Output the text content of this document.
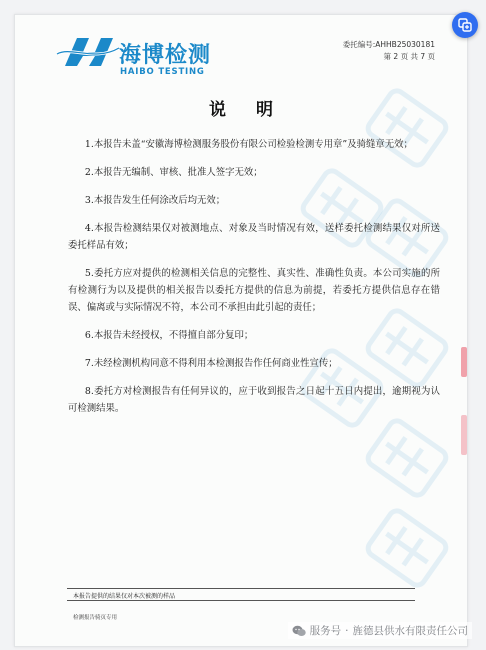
海博检测
HAIBO TESTING
委托编号:AHHB25030181
第 2 页 共 7 页
说明

1.本报告未盖“安徽海博检测服务股份有限公司检验检测专用章”及骑缝章无效；

2.本报告无编制、审核、批准人签字无效；

3.本报告发生任何涂改后均无效；

4.本报告检测结果仅对被测地点、对象及当时情况有效，送样委托检测结果仅对所送委托样品有效；

5.委托方应对提供的检测相关信息的完整性、真实性、准确性负责。本公司实施的所有检测行为以及提供的相关报告以委托方提供的信息为前提，若委托方提供信息存在错误、偏离或与实际情况不符，本公司不承担由此引起的责任；

6.本报告未经授权，不得擅自部分复印；

7.未经检测机构同意不得利用本检测报告作任何商业性宣传；

8.委托方对检测报告有任何异议的，应于收到报告之日起十五日内提出，逾期视为认可检测结果。

本报告提供的结果仅对本次被测的样品
检测报告骑页专用
服务号 · 旌德县供水有限责任公司
